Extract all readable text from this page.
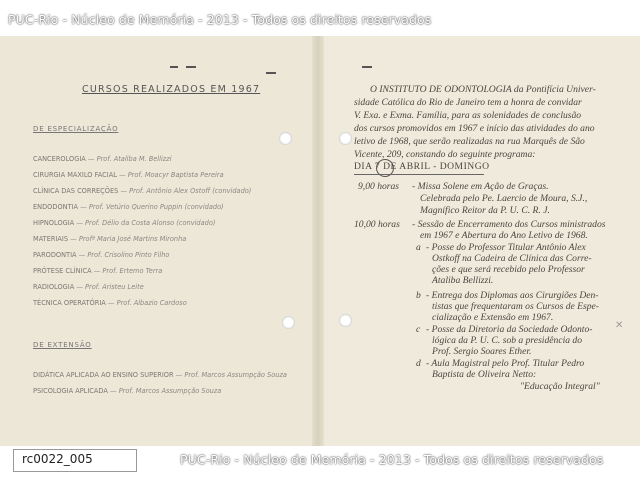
PUC-Rio - Núcleo de Memória - 2013 - Todos os direitos reservados
CURSOS REALIZADOS EM 1967
DE ESPECIALIZAÇÃO
CANCEROLOGIA — Prof. Ataliba M. Bellizzi
CIRURGIA MAXILO FACIAL — Prof. Moacyr Baptista Pereira
CLÍNICA DAS CORREÇÕES — Prof. Antônio Alex Ostoff (convidado)
ENDODONTIA — Prof. Vetúrio Querino Puppin (convidado)
HIPNOLOGIA — Prof. Délio da Costa Alonso (convidado)
MATERIAIS — Profª Maria José Martins Mironha
PARODONTIA — Prof. Crisolino Pinto Filho
PRÓTESE CLÍNICA — Prof. Ertemo Terra
RADIOLOGIA — Prof. Aristeu Leite
TÉCNICA OPERATÓRIA — Prof. Albazio Cardoso
DE EXTENSÃO
DIDÁTICA APLICADA AO ENSINO SUPERIOR — Prof. Marcos Assumpção Souza
PSICOLOGIA APLICADA — Prof. Marcos Assumpção Souza
O INSTITUTO DE ODONTOLOGIA da Pontifícia Univer-
sidade Católica do Rio de Janeiro tem a honra de convidar
V. Exa. e Exma. Família, para as solenidades de conclusão
dos cursos promovidos em 1967 e início das atividades do ano
letivo de 1968, que serão realizadas na rua Marquês de São
Vicente, 209, constando do seguinte programa:
DIA 7 DE ABRIL - DOMINGO
9,00 horas - Missa Solene em Ação de Graças.
Celebrada pelo Pe. Laercio de Moura, S.J.,
Magnífico Reitor da P. U. C. R. J.
10,00 horas - Sessão de Encerramento dos Cursos ministrados
em 1967 e Abertura do Ano Letivo de 1968.
a - Posse do Professor Titular Antônio Alex
Ostkoff na Cadeira de Clínica das Corre-
ções e que será recebido pelo Professor
Ataliba Bellizzi.
b - Entrega dos Diplomas aos Cirurgiões Den-
tistas que frequentaram os Cursos de Espe-
cialização e Extensão em 1967.
c - Posse da Diretoria da Sociedade Odonto-
lógica da P. U. C. sob a presidência do
Prof. Sergio Soares Ether.
d - Aula Magistral pelo Prof. Titular Pedro
Baptista de Oliveira Netto:
"Educação Integral"
✕
rc0022_005	PUC-Rio - Núcleo de Memória - 2013 - Todos os direitos reservados
